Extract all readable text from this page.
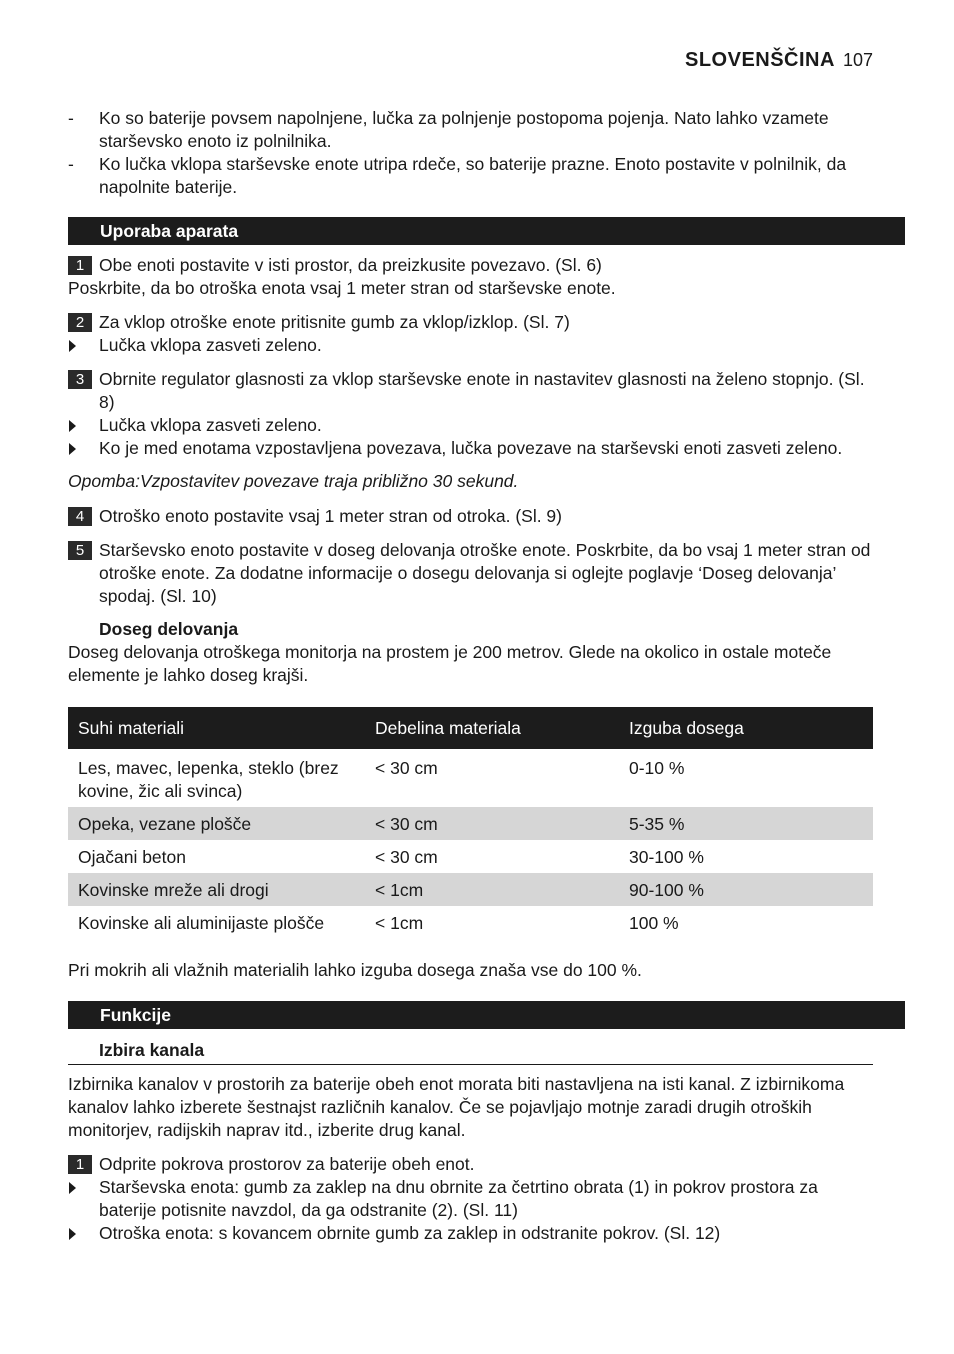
SLOVENŠČINA 107
- Ko so baterije povsem napolnjene, lučka za polnjenje postopoma pojenja. Nato lahko vzamete starševsko enoto iz polnilnika.
- Ko lučka vklopa starševske enote utripa rdeče, so baterije prazne. Enoto postavite v polnilnik, da napolnite baterije.
Uporaba aparata
1 Obe enoti postavite v isti prostor, da preizkusite povezavo. (Sl. 6)
Poskrbite, da bo otroška enota vsaj 1 meter stran od starševske enote.
2 Za vklop otroške enote pritisnite gumb za vklop/izklop. (Sl. 7)
Lučka vklopa zasveti zeleno.
3 Obrnite regulator glasnosti za vklop starševske enote in nastavitev glasnosti na želeno stopnjo. (Sl. 8)
Lučka vklopa zasveti zeleno.
Ko je med enotama vzpostavljena povezava, lučka povezave na starševski enoti zasveti zeleno.
Opomba:Vzpostavitev povezave traja približno 30 sekund.
4 Otroško enoto postavite vsaj 1 meter stran od otroka. (Sl. 9)
5 Starševsko enoto postavite v doseg delovanja otroške enote. Poskrbite, da bo vsaj 1 meter stran od otroške enote. Za dodatne informacije o dosegu delovanja si oglejte poglavje ‘Doseg delovanja’ spodaj. (Sl. 10)
Doseg delovanja
Doseg delovanja otroškega monitorja na prostem je 200 metrov. Glede na okolico in ostale moteče elemente je lahko doseg krajši.
Suhi materiali	Debelina materiala	Izguba dosega
Les, mavec, lepenka, steklo (brez kovine, žic ali svinca)	< 30 cm	0-10 %
Opeka, vezane plošče	< 30 cm	5-35 %
Ojačani beton	< 30 cm	30-100 %
Kovinske mreže ali drogi	< 1cm	90-100 %
Kovinske ali aluminijaste plošče	< 1cm	100 %
Pri mokrih ali vlažnih materialih lahko izguba dosega znaša vse do 100 %.
Funkcije
Izbira kanala
Izbirnika kanalov v prostorih za baterije obeh enot morata biti nastavljena na isti kanal. Z izbirnikoma kanalov lahko izberete šestnajst različnih kanalov. Če se pojavljajo motnje zaradi drugih otroških monitorjev, radijskih naprav itd., izberite drug kanal.
1 Odprite pokrova prostorov za baterije obeh enot.
Starševska enota: gumb za zaklep na dnu obrnite za četrtino obrata (1) in pokrov prostora za baterije potisnite navzdol, da ga odstranite (2). (Sl. 11)
Otroška enota: s kovancem obrnite gumb za zaklep in odstranite pokrov. (Sl. 12)
